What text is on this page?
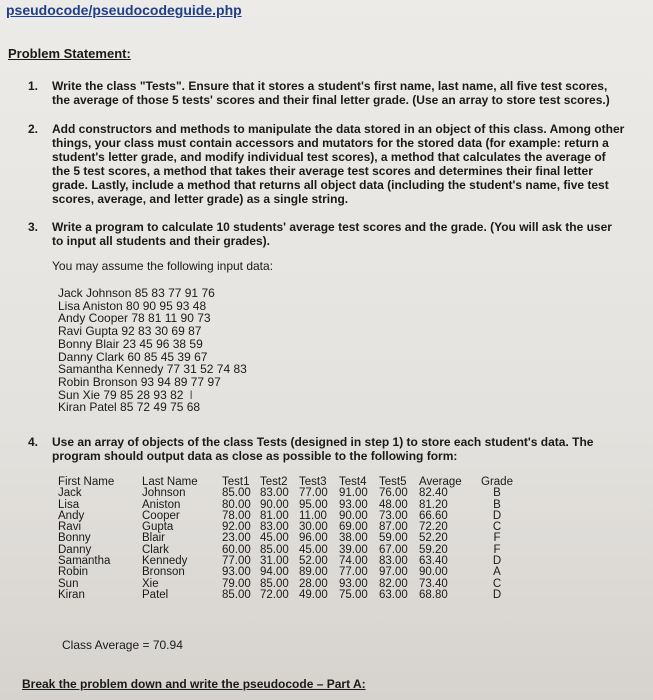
pseudocode/pseudocodeguide.php
Problem Statement:
1. Write the class "Tests". Ensure that it stores a student's first name, last name, all five test scores, the average of those 5 tests' scores and their final letter grade. (Use an array to store test scores.)
2. Add constructors and methods to manipulate the data stored in an object of this class. Among other things, your class must contain accessors and mutators for the stored data (for example: return a student's letter grade, and modify individual test scores), a method that calculates the average of the 5 test scores, a method that takes their average test scores and determines their final letter grade. Lastly, include a method that returns all object data (including the student's name, five test scores, average, and letter grade) as a single string.
3. Write a program to calculate 10 students' average test scores and the grade. (You will ask the user to input all students and their grades).
You may assume the following input data:
Jack Johnson 85 83 77 91 76
Lisa Aniston 80 90 95 93 48
Andy Cooper 78 81 11 90 73
Ravi Gupta 92 83 30 69 87
Bonny Blair 23 45 96 38 59
Danny Clark 60 85 45 39 67
Samantha Kennedy 77 31 52 74 83
Robin Bronson 93 94 89 77 97
Sun Xie 79 85 28 93 82 I
Kiran Patel 85 72 49 75 68
4. Use an array of objects of the class Tests (designed in step 1) to store each student's data. The program should output data as close as possible to the following form:
First Name	Last Name	Test1	Test2	Test3	Test4	Test5	Average	Grade
Jack	Johnson	85.00	83.00	77.00	91.00	76.00	82.40	B
Lisa	Aniston	80.00	90.00	95.00	93.00	48.00	81.20	B
Andy	Cooper	78.00	81.00	11.00	90.00	73.00	66.60	D
Ravi	Gupta	92.00	83.00	30.00	69.00	87.00	72.20	C
Bonny	Blair	23.00	45.00	96.00	38.00	59.00	52.20	F
Danny	Clark	60.00	85.00	45.00	39.00	67.00	59.20	F
Samantha	Kennedy	77.00	31.00	52.00	74.00	83.00	63.40	D
Robin	Bronson	93.00	94.00	89.00	77.00	97.00	90.00	A
Sun	Xie	79.00	85.00	28.00	93.00	82.00	73.40	C
Kiran	Patel	85.00	72.00	49.00	75.00	63.00	68.80	D
Class Average = 70.94
Break the problem down and write the pseudocode – Part A:
